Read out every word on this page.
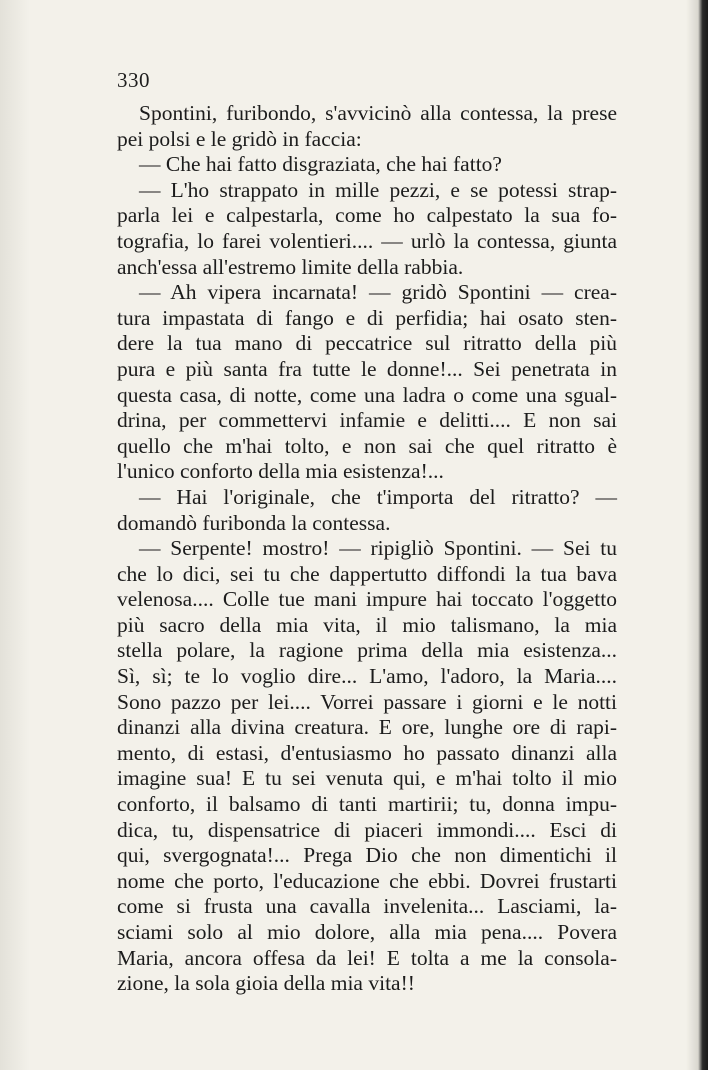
330
Spontini, furibondo, s'avvicinò alla contessa, la prese
pei polsi e le gridò in faccia:
— Che hai fatto disgraziata, che hai fatto?
— L'ho strappato in mille pezzi, e se potessi strap-
parla lei e calpestarla, come ho calpestato la sua fo-
tografia, lo farei volentieri.... — urlò la contessa, giunta
anch'essa all'estremo limite della rabbia.
— Ah vipera incarnata! — gridò Spontini — crea-
tura impastata di fango e di perfidia; hai osato sten-
dere la tua mano di peccatrice sul ritratto della più
pura e più santa fra tutte le donne!... Sei penetrata in
questa casa, di notte, come una ladra o come una sgual-
drina, per commettervi infamie e delitti.... E non sai
quello che m'hai tolto, e non sai che quel ritratto è
l'unico conforto della mia esistenza!...
— Hai l'originale, che t'importa del ritratto? —
domandò furibonda la contessa.
— Serpente! mostro! — ripigliò Spontini. — Sei tu
che lo dici, sei tu che dappertutto diffondi la tua bava
velenosa.... Colle tue mani impure hai toccato l'oggetto
più sacro della mia vita, il mio talismano, la mia
stella polare, la ragione prima della mia esistenza...
Sì, sì; te lo voglio dire... L'amo, l'adoro, la Maria....
Sono pazzo per lei.... Vorrei passare i giorni e le notti
dinanzi alla divina creatura. E ore, lunghe ore di rapi-
mento, di estasi, d'entusiasmo ho passato dinanzi alla
imagine sua! E tu sei venuta qui, e m'hai tolto il mio
conforto, il balsamo di tanti martirii; tu, donna impu-
dica, tu, dispensatrice di piaceri immondi.... Esci di
qui, svergognata!... Prega Dio che non dimentichi il
nome che porto, l'educazione che ebbi. Dovrei frustarti
come si frusta una cavalla invelenita... Lasciami, la-
sciami solo al mio dolore, alla mia pena.... Povera
Maria, ancora offesa da lei! E tolta a me la consola-
zione, la sola gioia della mia vita!!
